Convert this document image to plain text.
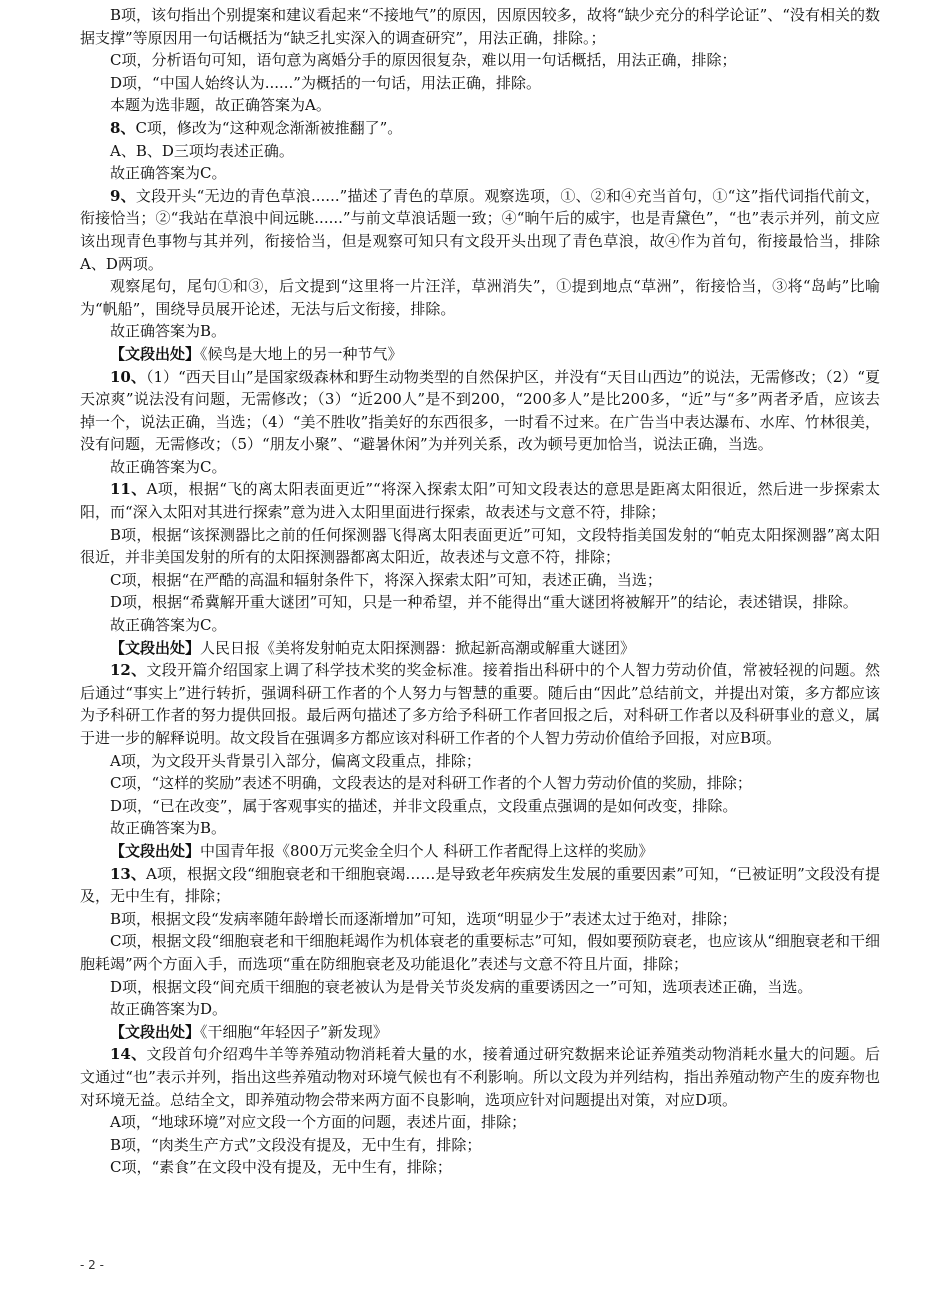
B项，该句指出个别提案和建议看起来“不接地气”的原因，因原因较多，故将“缺少充分的科学论证”、“没有相关的数据支撑”等原因用一句话概括为“缺乏扎实深入的调查研究”，用法正确，排除。；

C项，分析语句可知，语句意为离婚分手的原因很复杂，难以用一句话概括，用法正确，排除；

D项，“中国人始终认为......”为概括的一句话，用法正确，排除。

本题为选非题，故正确答案为A。

8、C项，修改为“这种观念渐渐被推翻了”。

A、B、D三项均表述正确。

故正确答案为C。

9、文段开头“无边的青色草浪......”描述了青色的草原。观察选项，①、②和④充当首句，①“这”指代词指代前文，衔接恰当；②“我站在草浪中间远眺......”与前文草浪话题一致；④“晌午后的威宇，也是青黛色”，“也”表示并列，前文应该出现青色事物与其并列，衔接恰当，但是观察可知只有文段开头出现了青色草浪，故④作为首句，衔接最恰当，排除A、D两项。

观察尾句，尾句①和③，后文提到“这里将一片汪洋，草洲消失”，①提到地点“草洲”，衔接恰当，③将“岛屿”比喻为“帆船”，围绕导员展开论述，无法与后文衔接，排除。

故正确答案为B。

【文段出处】《候鸟是大地上的另一种节气》

10、（1）“西天目山”是国家级森林和野生动物类型的自然保护区，并没有“天目山西边”的说法，无需修改；（2）“夏天凉爽”说法没有问题，无需修改；（3）“近200人”是不到200，“200多人”是比200多，“近”与“多”两者矛盾，应该去掉一个，说法正确，当选；（4）“美不胜收”指美好的东西很多，一时看不过来。在广告当中表达瀑布、水库、竹林很美，没有问题，无需修改；（5）“朋友小聚”、“避暑休闲”为并列关系，改为顿号更加恰当，说法正确，当选。

故正确答案为C。

11、A项，根据“飞的离太阳表面更近”“将深入探索太阳”可知文段表达的意思是距离太阳很近，然后进一步探索太阳，而“深入太阳对其进行探索”意为进入太阳里面进行探索，故表述与文意不符，排除；

B项，根据“该探测器比之前的任何探测器飞得离太阳表面更近”可知，文段特指美国发射的“帕克太阳探测器”离太阳很近，并非美国发射的所有的太阳探测器都离太阳近，故表述与文意不符，排除；

C项，根据“在严酷的高温和辐射条件下，将深入探索太阳”可知，表述正确，当选；

D项，根据“希冀解开重大谜团”可知，只是一种希望，并不能得出“重大谜团将被解开”的结论，表述错误，排除。

故正确答案为C。

【文段出处】人民日报《美将发射帕克太阳探测器：掀起新高潮或解重大谜团》

12、文段开篇介绍国家上调了科学技术奖的奖金标准。接着指出科研中的个人智力劳动价值，常被轻视的问题。然后通过“事实上”进行转折，强调科研工作者的个人努力与智慧的重要。随后由“因此”总结前文，并提出对策，多方都应该为予科研工作者的努力提供回报。最后两句描述了多方给予科研工作者回报之后，对科研工作者以及科研事业的意义，属于进一步的解释说明。故文段旨在强调多方都应该对科研工作者的个人智力劳动价值给予回报，对应B项。

A项，为文段开头背景引入部分，偏离文段重点，排除；

C项，“这样的奖励”表述不明确，文段表达的是对科研工作者的个人智力劳动价值的奖励，排除；

D项，“已在改变”，属于客观事实的描述，并非文段重点，文段重点强调的是如何改变，排除。

故正确答案为B。

【文段出处】中国青年报《800万元奖金全归个人 科研工作者配得上这样的奖励》

13、A项，根据文段“细胞衰老和干细胞衰竭……是导致老年疾病发生发展的重要因素”可知，“已被证明”文段没有提及，无中生有，排除；

B项，根据文段“发病率随年龄增长而逐渐增加”可知，选项“明显少于”表述太过于绝对，排除；

C项，根据文段“细胞衰老和干细胞耗竭作为机体衰老的重要标志”可知，假如要预防衰老，也应该从“细胞衰老和干细胞耗竭”两个方面入手，而选项“重在防细胞衰老及功能退化”表述与文意不符且片面，排除；

D项，根据文段“间充质干细胞的衰老被认为是骨关节炎发病的重要诱因之一”可知，选项表述正确，当选。

故正确答案为D。

【文段出处】《干细胞“年轻因子”新发现》

14、文段首句介绍鸡牛羊等养殖动物消耗着大量的水，接着通过研究数据来论证养殖类动物消耗水量大的问题。后文通过“也”表示并列，指出这些养殖动物对环境气候也有不利影响。所以文段为并列结构，指出养殖动物产生的废弃物也对环境无益。总结全文，即养殖动物会带来两方面不良影响，选项应针对问题提出对策，对应D项。

A项，“地球环境”对应文段一个方面的问题，表述片面，排除；

B项，“肉类生产方式”文段没有提及，无中生有，排除；

C项，“素食”在文段中没有提及，无中生有，排除；

- 2 -
